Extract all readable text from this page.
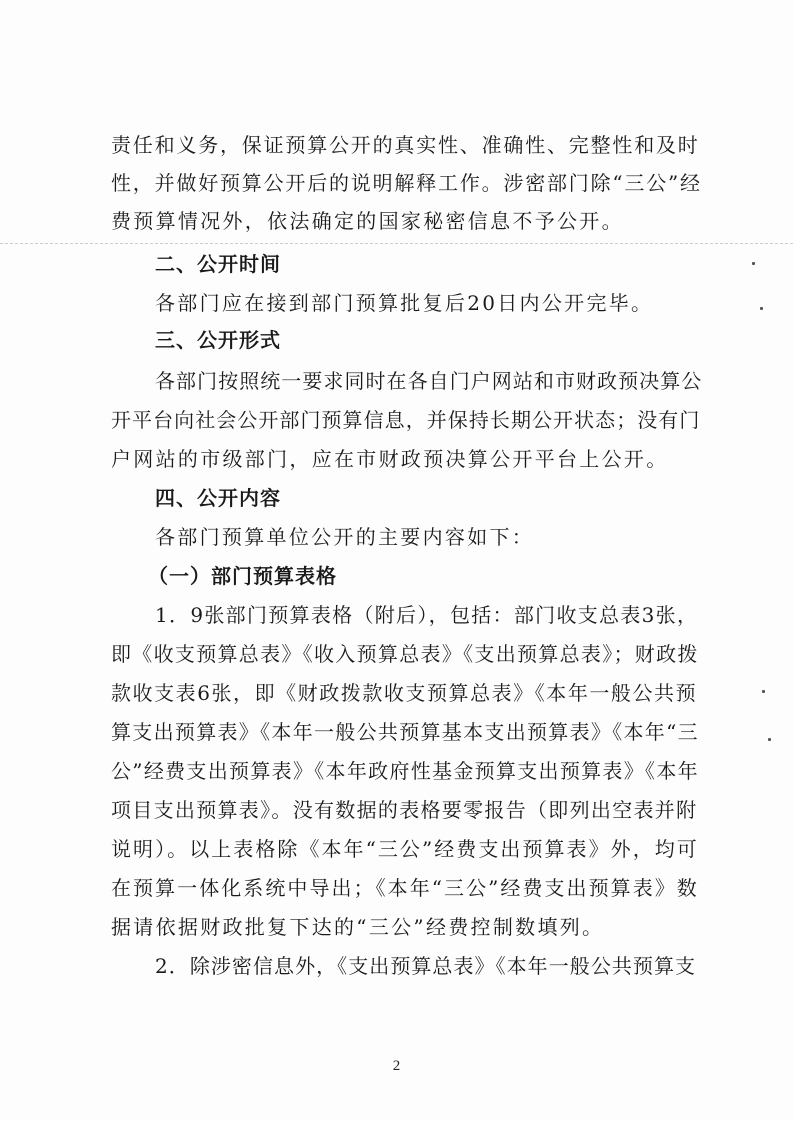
责任和义务，保证预算公开的真实性、准确性、完整性和及时
性，并做好预算公开后的说明解释工作。涉密部门除“三公”经
费预算情况外，依法确定的国家秘密信息不予公开。
二、公开时间
各部门应在接到部门预算批复后20日内公开完毕。
三、公开形式
各部门按照统一要求同时在各自门户网站和市财政预决算公
开平台向社会公开部门预算信息，并保持长期公开状态；没有门
户网站的市级部门，应在市财政预决算公开平台上公开。
四、公开内容
各部门预算单位公开的主要内容如下：
（一）部门预算表格
1．9张部门预算表格（附后），包括：部门收支总表3张，
即《收支预算总表》《收入预算总表》《支出预算总表》；财政拨
款收支表6张，即《财政拨款收支预算总表》《本年一般公共预
算支出预算表》《本年一般公共预算基本支出预算表》《本年“三
公”经费支出预算表》《本年政府性基金预算支出预算表》《本年
项目支出预算表》。没有数据的表格要零报告（即列出空表并附
说明）。以上表格除《本年“三公”经费支出预算表》外，均可
在预算一体化系统中导出；《本年“三公”经费支出预算表》数
据请依据财政批复下达的“三公”经费控制数填列。
2．除涉密信息外，《支出预算总表》《本年一般公共预算支
2
